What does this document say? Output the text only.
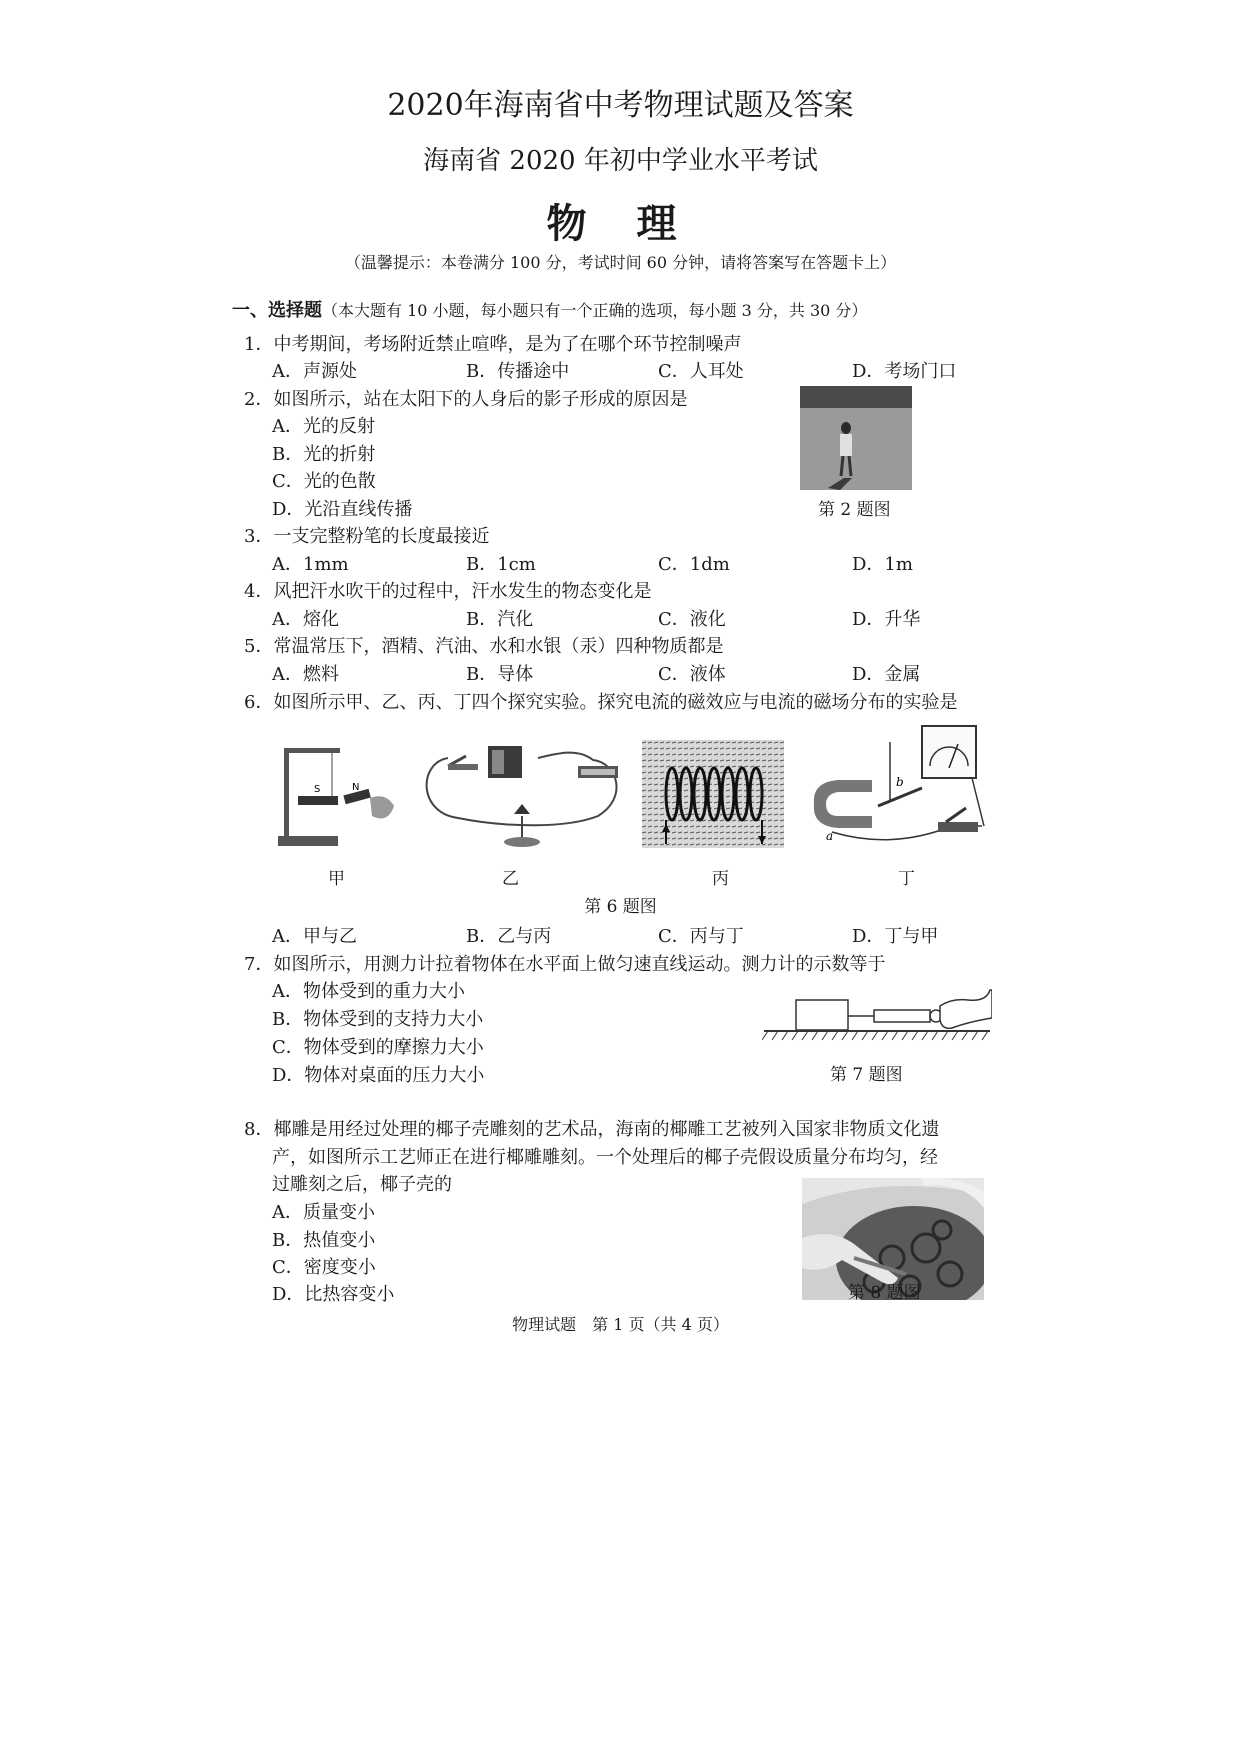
2020年海南省中考物理试题及答案
海南省 2020 年初中学业水平考试
物 理
（温馨提示：本卷满分 100 分，考试时间 60 分钟，请将答案写在答题卡上）
一、选择题（本大题有 10 小题，每小题只有一个正确的选项，每小题 3 分，共 30 分）
1．中考期间，考场附近禁止喧哗，是为了在哪个环节控制噪声
A．声源处	B．传播途中	C．人耳处	D．考场门口
2．如图所示，站在太阳下的人身后的影子形成的原因是
A．光的反射
B．光的折射
C．光的色散
D．光沿直线传播	第 2 题图
3．一支完整粉笔的长度最接近
A．1mm	B．1cm	C．1dm	D．1m
4．风把汗水吹干的过程中，汗水发生的物态变化是
A．熔化	B．汽化	C．液化	D．升华
5．常温常压下，酒精、汽油、水和水银（汞）四种物质都是
A．燃料	B．导体	C．液体	D．金属
6．如图所示甲、乙、丙、丁四个探究实验。探究电流的磁效应与电流的磁场分布的实验是
S	N
甲	乙	丙
b
a
丁
第 6 题图
A．甲与乙	B．乙与丙	C．丙与丁	D．丁与甲
7．如图所示，用测力计拉着物体在水平面上做匀速直线运动。测力计的示数等于
A．物体受到的重力大小
B．物体受到的支持力大小
C．物体受到的摩擦力大小
D．物体对桌面的压力大小	第 7 题图
8．椰雕是用经过处理的椰子壳雕刻的艺术品，海南的椰雕工艺被列入国家非物质文化遗
产，如图所示工艺师正在进行椰雕雕刻。一个处理后的椰子壳假设质量分布均匀，经
过雕刻之后，椰子壳的
A．质量变小
B．热值变小
C．密度变小
D．比热容变小	第 8 题图
物理试题　第 1 页（共 4 页）
